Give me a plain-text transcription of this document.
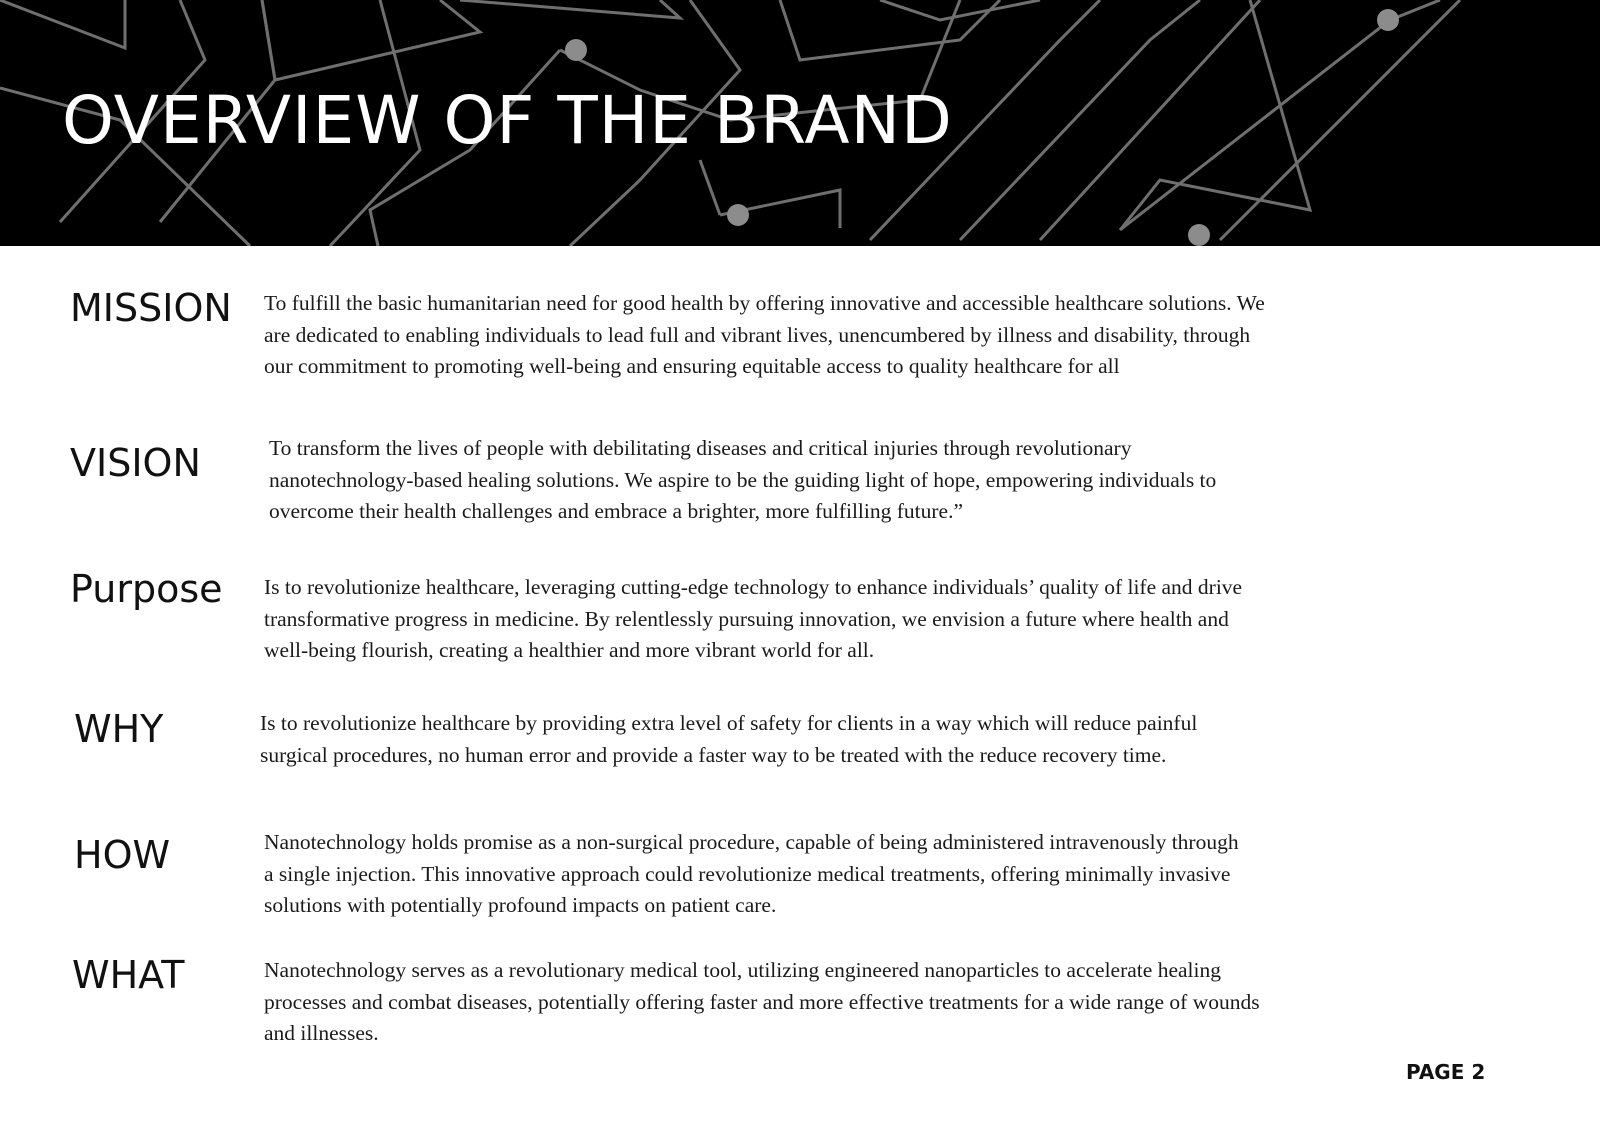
OVERVIEW OF THE BRAND
MISSION To fulfill the basic humanitarian need for good health by offering innovative and accessible healthcare solutions. We are dedicated to enabling individuals to lead full and vibrant lives, unencumbered by illness and disability, through our commitment to promoting well-being and ensuring equitable access to quality healthcare for all

VISION	To transform the lives of people with debilitating diseases and critical injuries through revolutionary nanotechnology-based healing solutions. We aspire to be the guiding light of hope, empowering individuals to overcome their health challenges and embrace a brighter, more fulfilling future.”

Purpose Is to revolutionize healthcare, leveraging cutting-edge technology to enhance individuals’ quality of life and drive transformative progress in medicine. By relentlessly pursuing innovation, we envision a future where health and well-being flourish, creating a healthier and more vibrant world for all.

WHY	Is to revolutionize healthcare by providing extra level of safety for clients in a way which will reduce painful surgical procedures, no human error and provide a faster way to be treated with the reduce recovery time.

HOW	Nanotechnology holds promise as a non-surgical procedure, capable of being administered intravenously through a single injection. This innovative approach could revolutionize medical treatments, offering minimally invasive solutions with potentially profound impacts on patient care.

WHAT	Nanotechnology serves as a revolutionary medical tool, utilizing engineered nanoparticles to accelerate healing processes and combat diseases, potentially offering faster and more effective treatments for a wide range of wounds and illnesses.

PAGE 2
